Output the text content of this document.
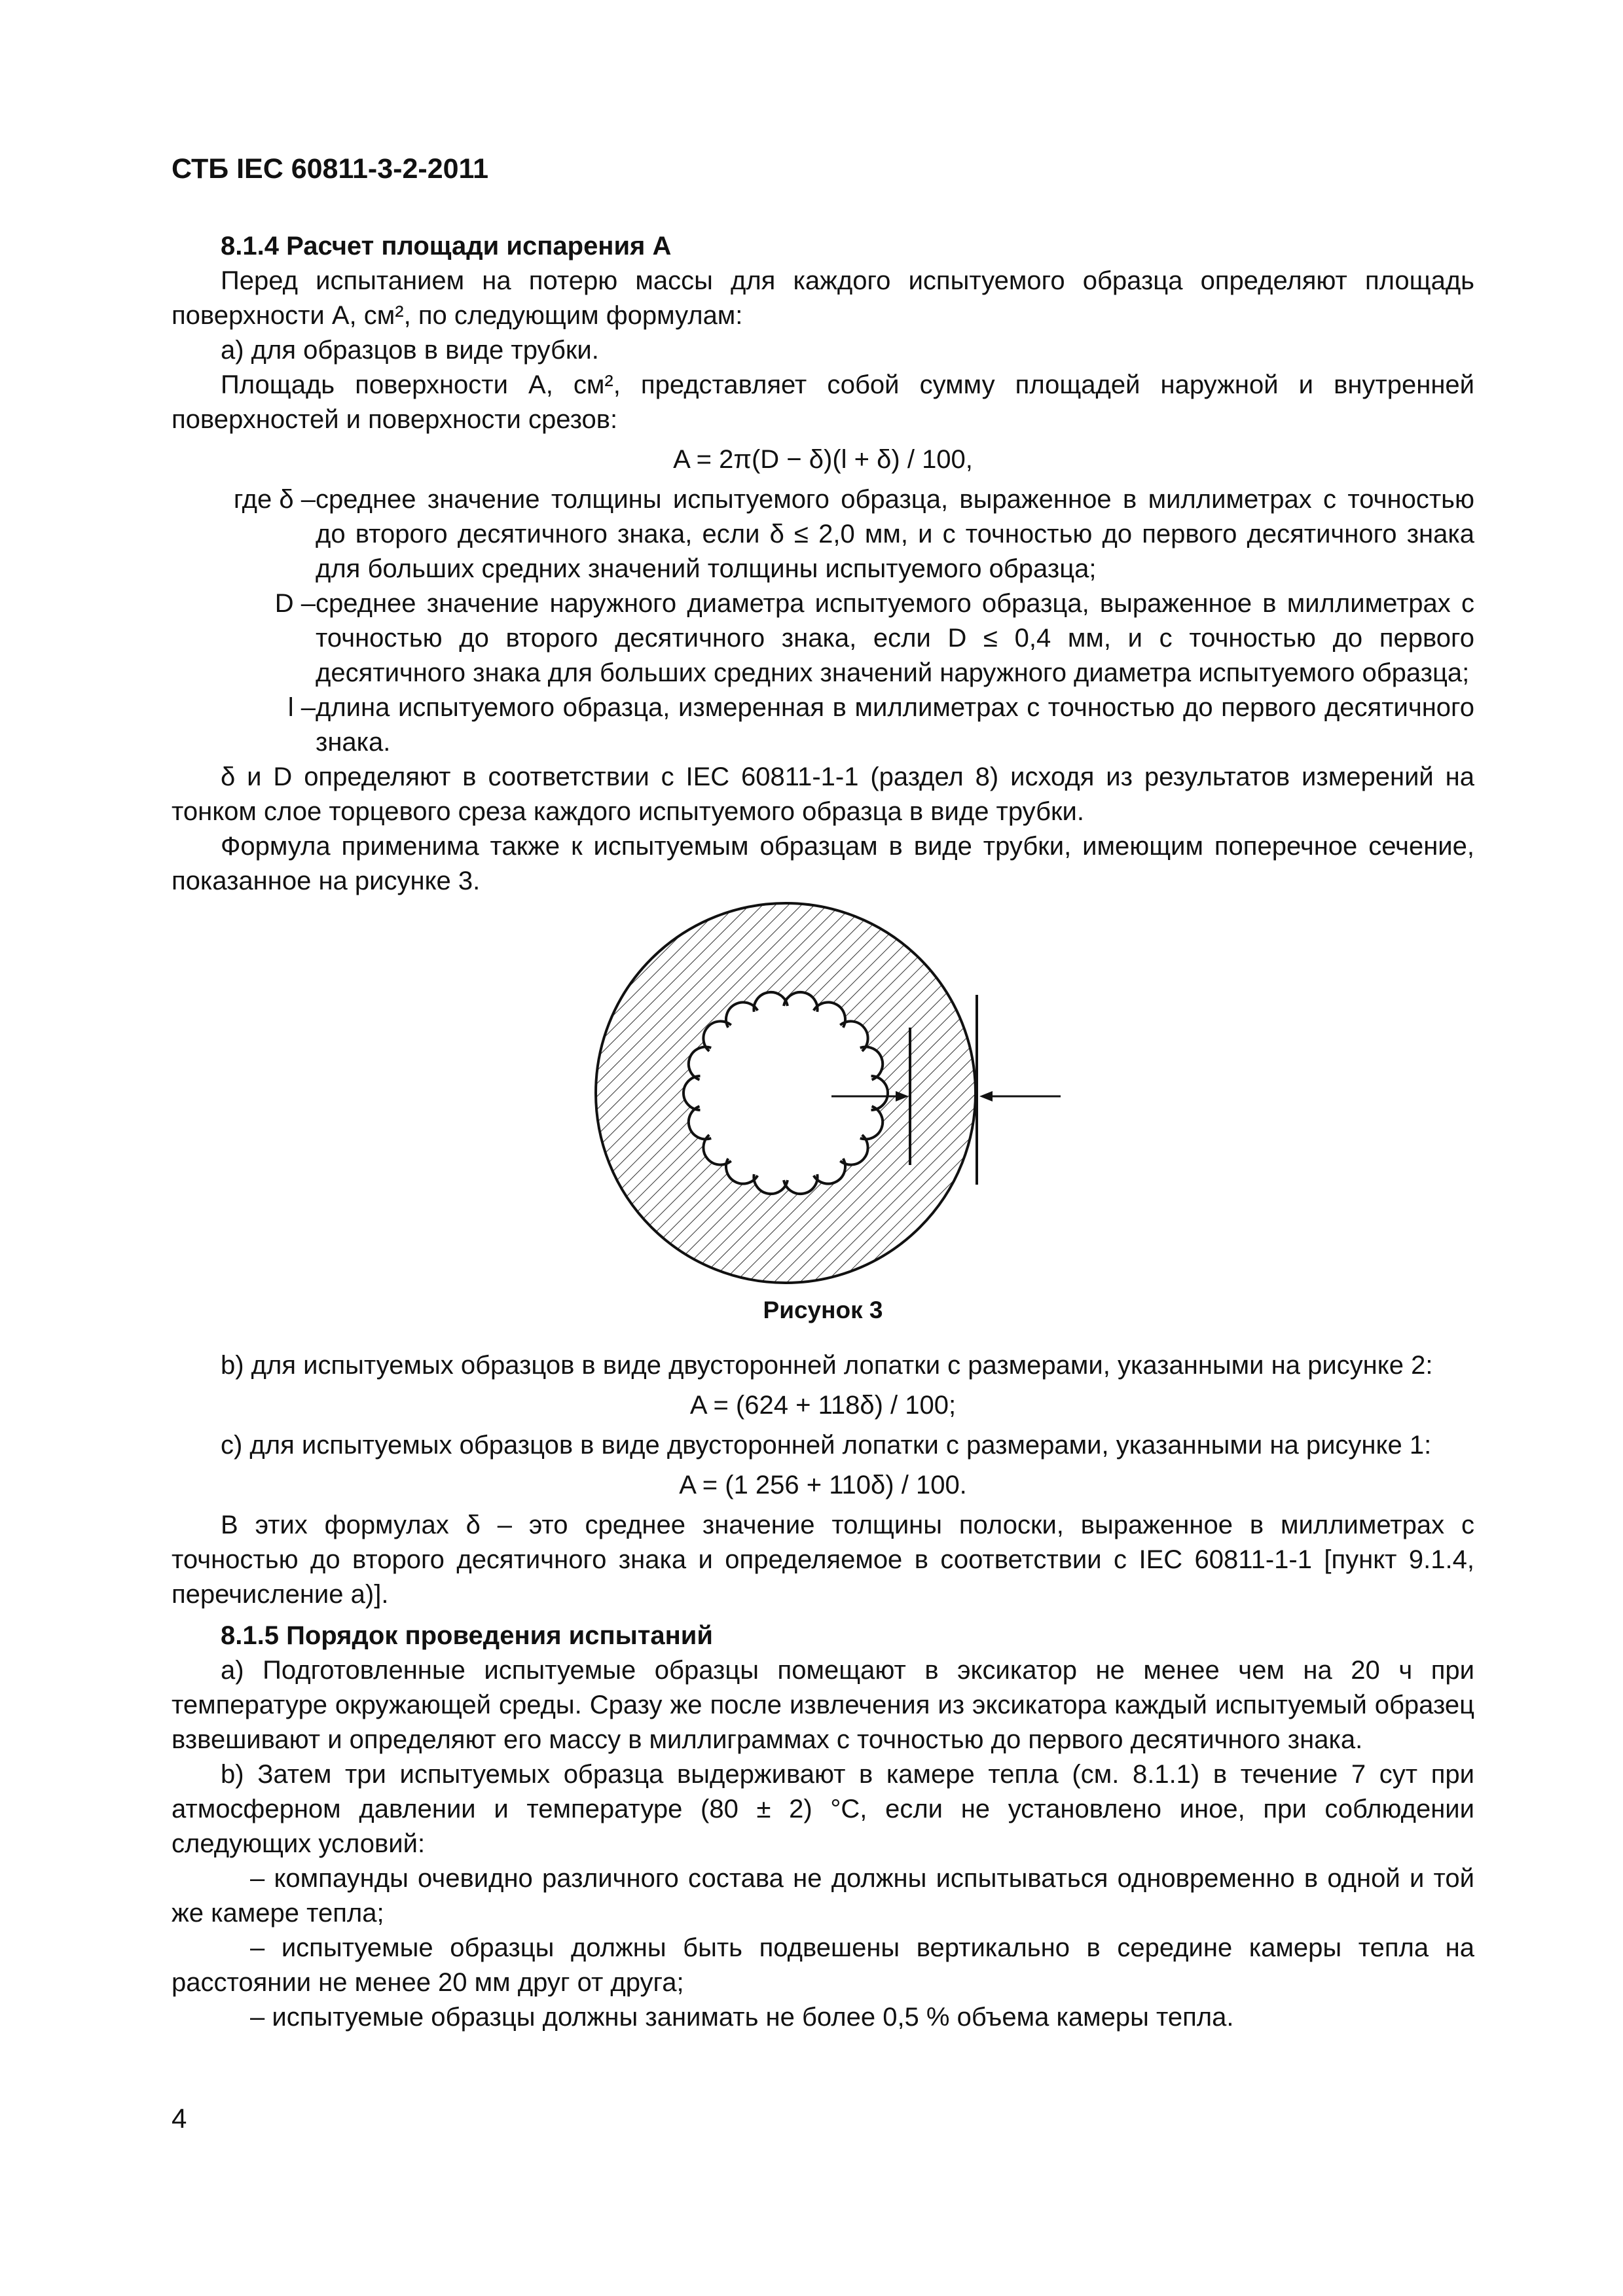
СТБ IEC 60811-3-2-2011

8.1.4 Расчет площади испарения A

Перед испытанием на потерю массы для каждого испытуемого образца определяют площадь поверхности A, см², по следующим формулам:

а) для образцов в виде трубки.

Площадь поверхности A, см², представляет собой сумму площадей наружной и внутренней поверхностей и поверхности срезов:

A = 2π(D − δ)(l + δ) / 100,

где δ – среднее значение толщины испытуемого образца, выраженное в миллиметрах с точностью до второго десятичного знака, если δ ≤ 2,0 мм, и с точностью до первого десятичного знака для больших средних значений толщины испытуемого образца;
D – среднее значение наружного диаметра испытуемого образца, выраженное в миллиметрах с точностью до второго десятичного знака, если D ≤ 0,4 мм, и с точностью до первого десятичного знака для больших средних значений наружного диаметра испытуемого образца;
l – длина испытуемого образца, измеренная в миллиметрах с точностью до первого десятичного знака.

δ и D определяют в соответствии с IEC 60811-1-1 (раздел 8) исходя из результатов измерений на тонком слое торцевого среза каждого испытуемого образца в виде трубки.

Формула применима также к испытуемым образцам в виде трубки, имеющим поперечное сечение, показанное на рисунке 3.

Рисунок 3

b) для испытуемых образцов в виде двусторонней лопатки с размерами, указанными на рисунке 2:

A = (624 + 118δ) / 100;

с) для испытуемых образцов в виде двусторонней лопатки с размерами, указанными на рисунке 1:

A = (1 256 + 110δ) / 100.

В этих формулах δ – это среднее значение толщины полоски, выраженное в миллиметрах с точностью до второго десятичного знака и определяемое в соответствии с IEC 60811-1-1 [пункт 9.1.4, перечисление а)].

8.1.5 Порядок проведения испытаний

а) Подготовленные испытуемые образцы помещают в эксикатор не менее чем на 20 ч при температуре окружающей среды. Сразу же после извлечения из эксикатора каждый испытуемый образец взвешивают и определяют его массу в миллиграммах с точностью до первого десятичного знака.

b) Затем три испытуемых образца выдерживают в камере тепла (см. 8.1.1) в течение 7 сут при атмосферном давлении и температуре (80 ± 2) °С, если не установлено иное, при соблюдении следующих условий:

– компаунды очевидно различного состава не должны испытываться одновременно в одной и той же камере тепла;

– испытуемые образцы должны быть подвешены вертикально в середине камеры тепла на расстоянии не менее 20 мм друг от друга;

– испытуемые образцы должны занимать не более 0,5 % объема камеры тепла.

4
